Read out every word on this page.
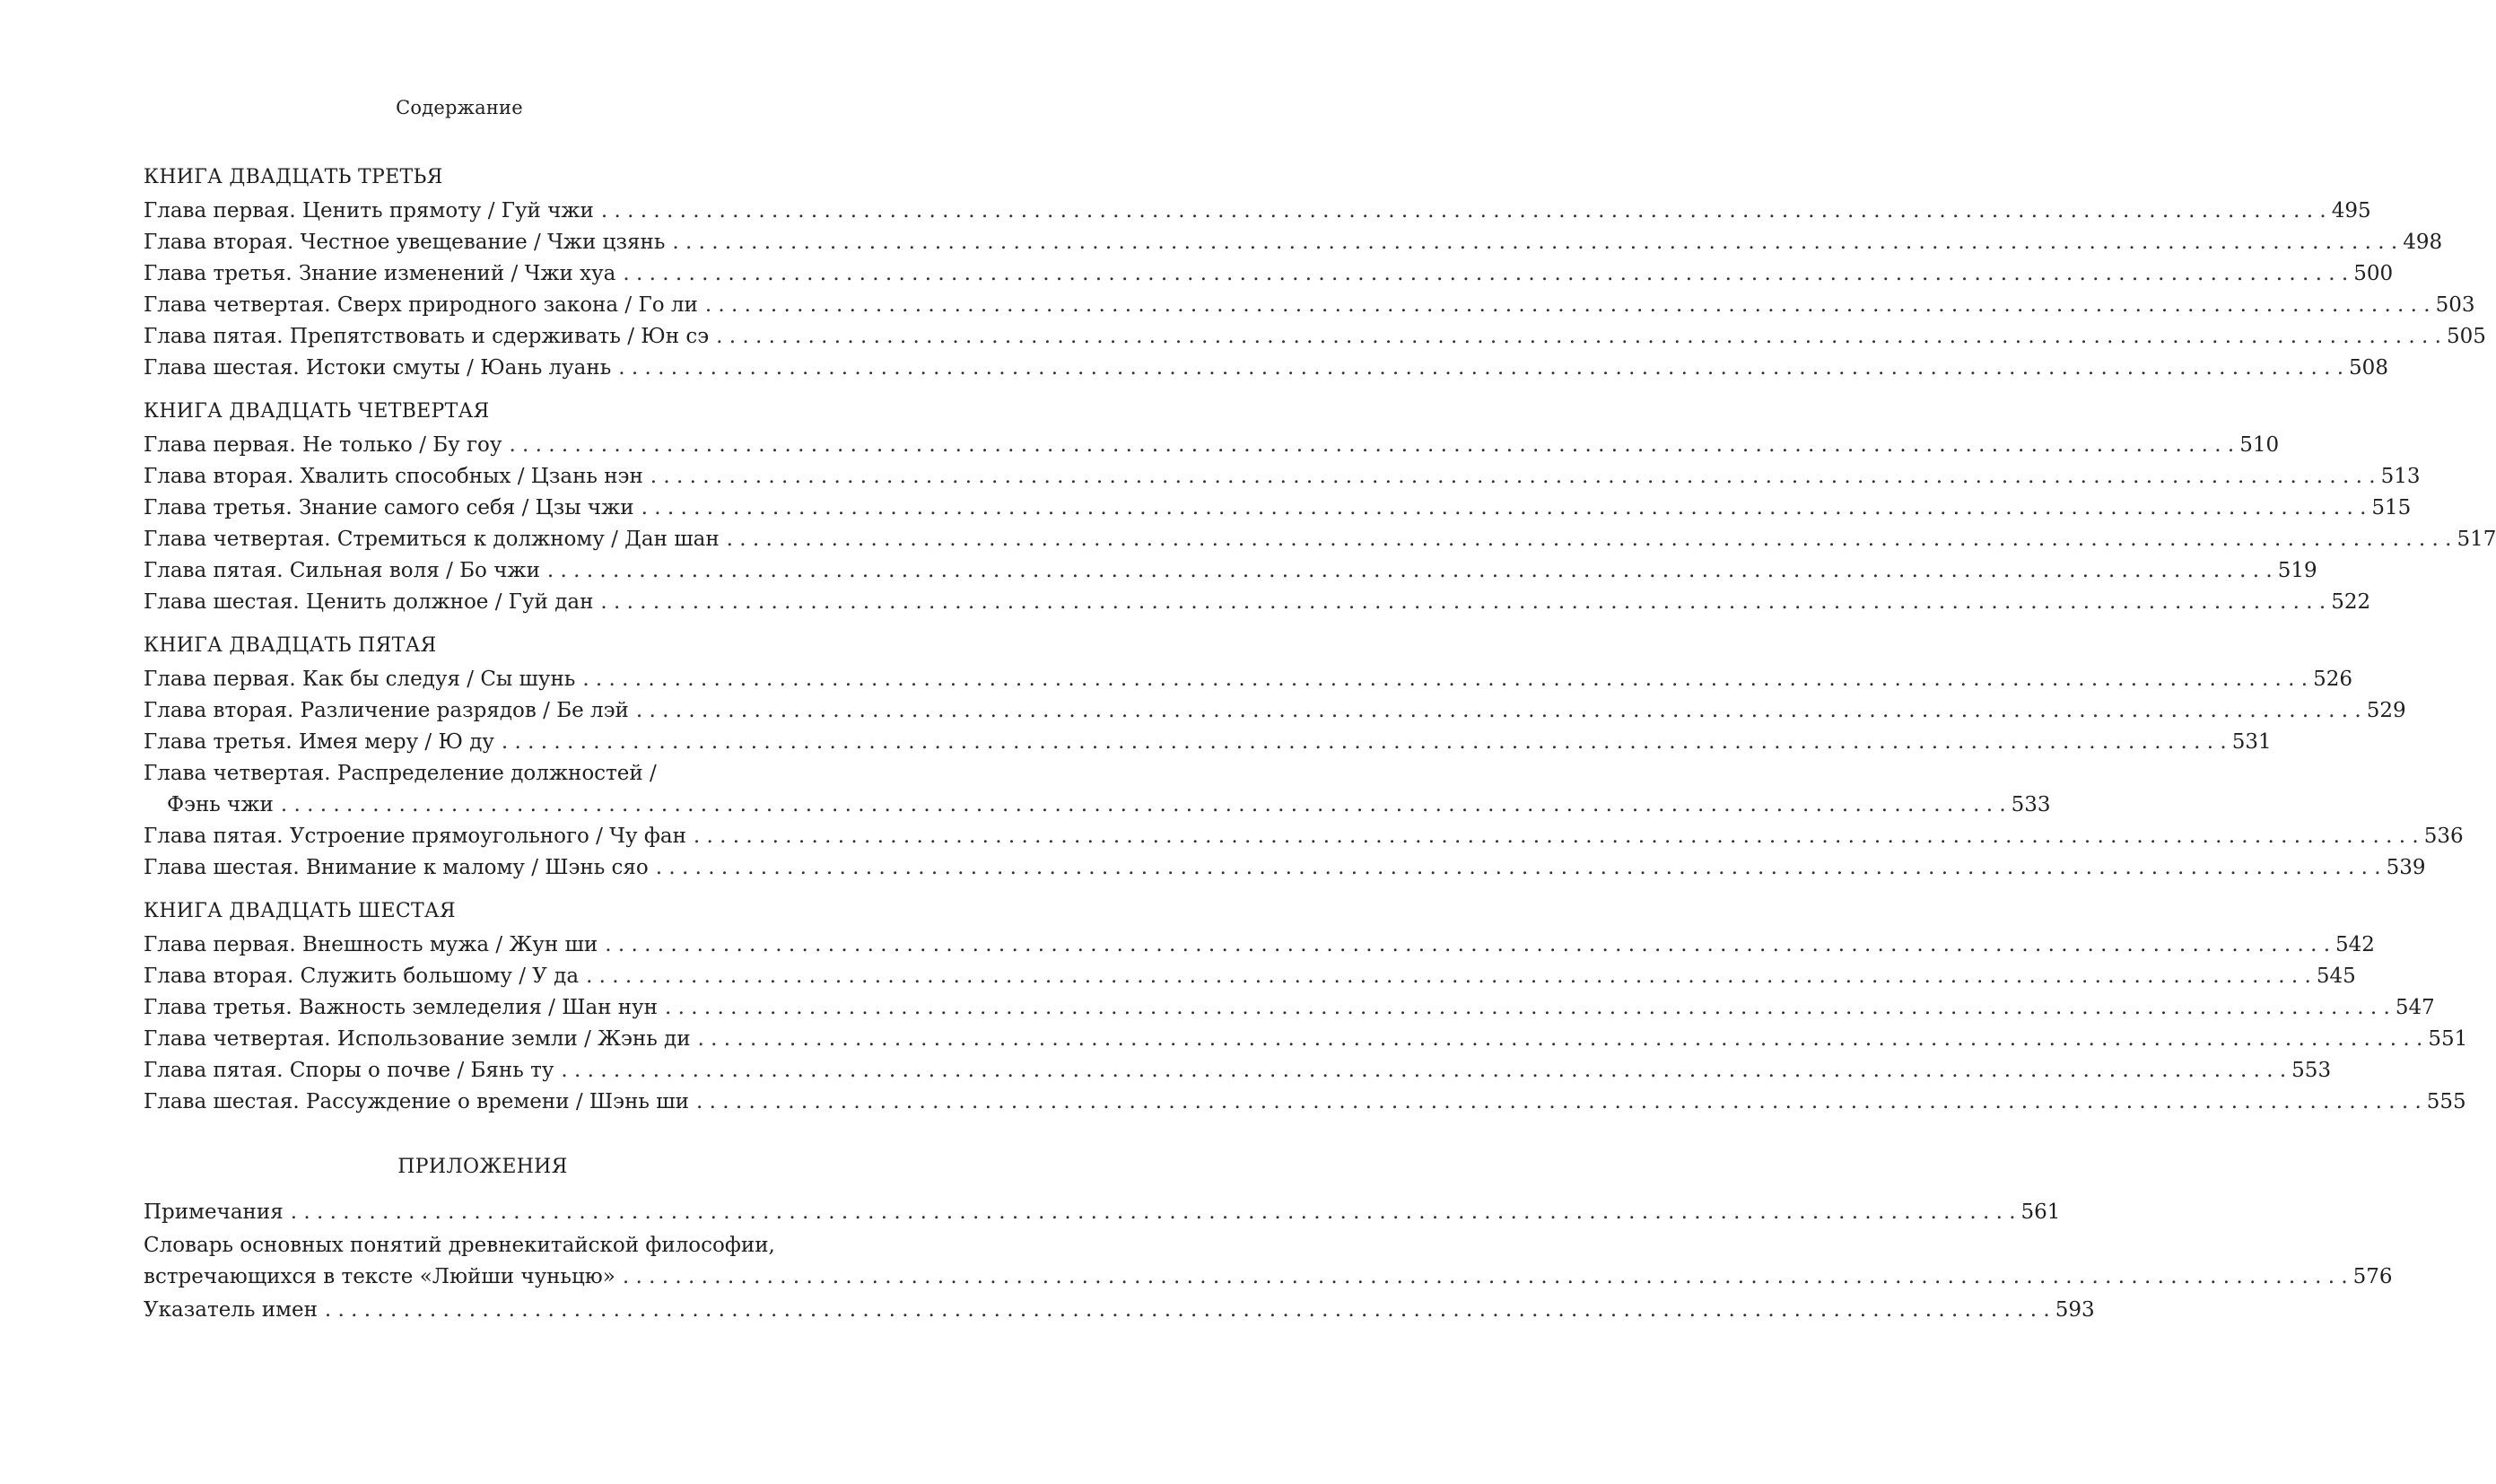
Содержание
КНИГА ДВАДЦАТЬ ТРЕТЬЯ
Глава первая. Ценить прямоту / Гуй чжи . . .	495
Глава вторая. Честное увещевание / Чжи цзянь . . .	498
Глава третья. Знание изменений / Чжи хуа . . .	500
Глава четвертая. Сверх природного закона / Го ли . . .	503
Глава пятая. Препятствовать и сдерживать / Юн сэ . . .	505
Глава шестая. Истоки смуты / Юань луань . . .	508
КНИГА ДВАДЦАТЬ ЧЕТВЕРТАЯ
Глава первая. Не только / Бу гоу . . .	510
Глава вторая. Хвалить способных / Цзань нэн . . .	513
Глава третья. Знание самого себя / Цзы чжи . . .	515
Глава четвертая. Стремиться к должному / Дан шан . . .	517
Глава пятая. Сильная воля / Бо чжи . . .	519
Глава шестая. Ценить должное / Гуй дан . . .	522
КНИГА ДВАДЦАТЬ ПЯТАЯ
Глава первая. Как бы следуя / Сы шунь . . .	526
Глава вторая. Различение разрядов / Бе лэй . . .	529
Глава третья. Имея меру / Ю ду . . .	531
Глава четвертая. Распределение должностей /
Фэнь чжи . . .	533
Глава пятая. Устроение прямоугольного / Чу фан . . .	536
Глава шестая. Внимание к малому / Шэнь сяо . . .	539
КНИГА ДВАДЦАТЬ ШЕСТАЯ
Глава первая. Внешность мужа / Жун ши . . .	542
Глава вторая. Служить большому / У да . . .	545
Глава третья. Важность земледелия / Шан нун . . .	547
Глава четвертая. Использование земли / Жэнь ди . . .	551
Глава пятая. Споры о почве / Бянь ту . . .	553
Глава шестая. Рассуждение о времени / Шэнь ши . . .	555
ПРИЛОЖЕНИЯ
Примечания . . .	561
Словарь основных понятий древнекитайской философии,
встречающихся в тексте «Люйши чуньцю» . . .	576
Указатель имен . . .	593
